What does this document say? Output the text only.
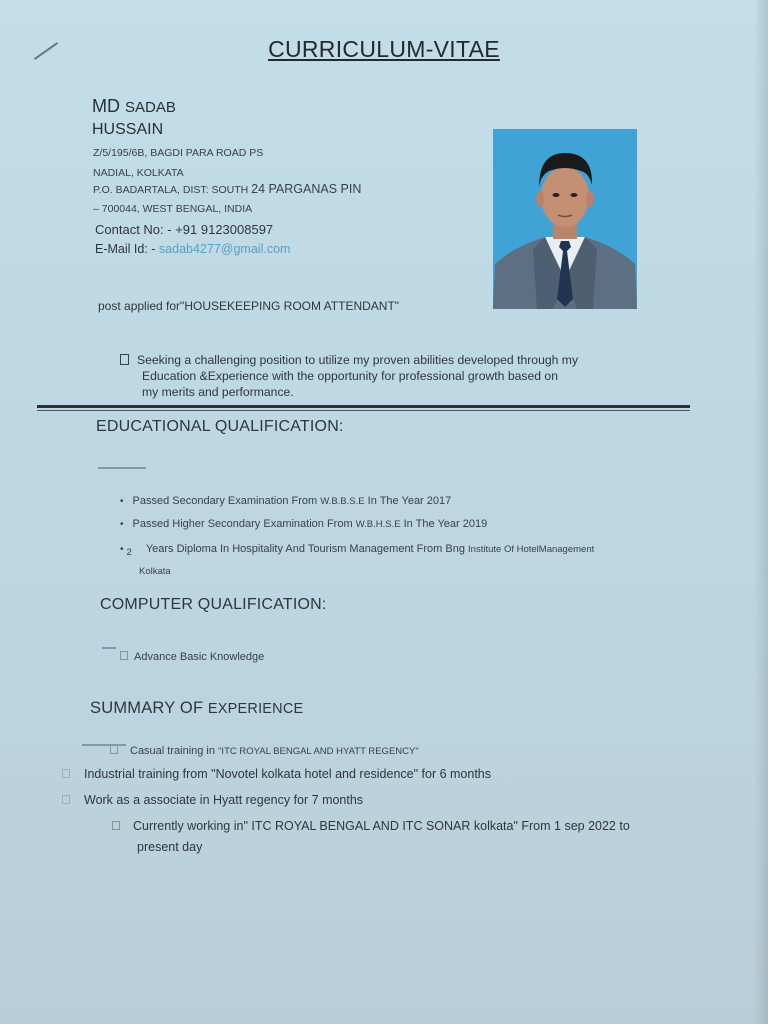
CURRICULUM-VITAE
MD SADAB
HUSSAIN
Z/5/195/6B, BAGDI PARA ROAD PS
NADIAL, KOLKATA
P.O. BADARTALA, DIST: SOUTH 24 PARGANAS PIN
– 700044, WEST BENGAL, INDIA
Contact No: - +91 9123008597
E-Mail Id: - sadab4277@gmail.com
post applied for"HOUSEKEEPING ROOM ATTENDANT"
Seeking a challenging position to utilize my proven abilities developed through my
Education &Experience with the opportunity for professional growth based on
my merits and performance.
EDUCATIONAL QUALIFICATION:
• Passed Secondary Examination From W.B.B.S.E In The Year 2017
• Passed Higher Secondary Examination From W.B.H.S.E In The Year 2019
• 2 Years Diploma In Hospitality And Tourism Management From Bng Institute Of HotelManagement
Kolkata
COMPUTER QUALIFICATION:
Advance Basic Knowledge
SUMMARY OF EXPERIENCE
Casual training in "ITC ROYAL BENGAL AND HYATT REGENCY"
Industrial training from "Novotel kolkata hotel and residence" for 6 months
Work as a associate in Hyatt regency for 7 months
Currently working in" ITC ROYAL BENGAL AND ITC SONAR kolkata" From 1 sep 2022 to
present day
